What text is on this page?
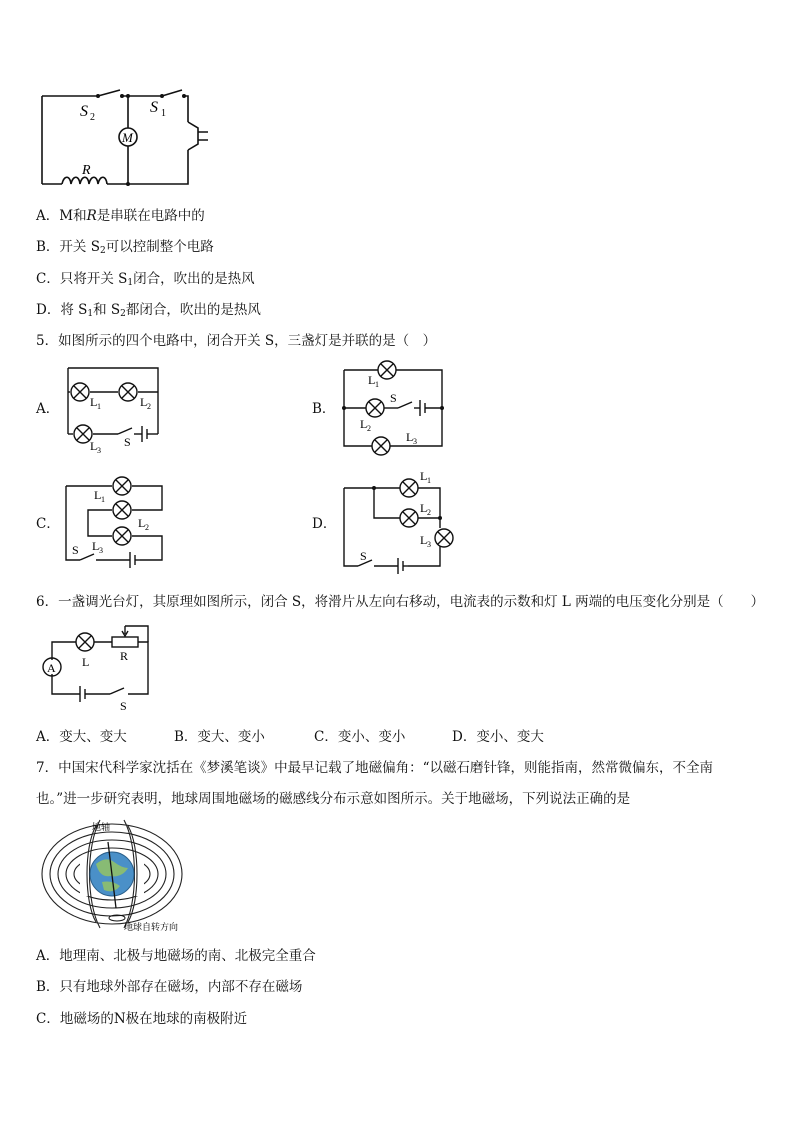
M
S 2
S 1
R
A．M和R是串联在电路中的
B．开关 $S_2$可以控制整个电路
C．只将开关 $S_1$闭合，吹出的是热风
D．将 $S_1$和 $S_2$都闭合，吹出的是热风
5．如图所示的四个电路中，闭合开关 S，三盏灯是并联的是（　）
A．	B．
C．	D．
L 1	L 2
L 3
S
L 1
L 2
L 3
S
L 1
L 2
L 3
S
L 1
L 2
L 3
S
6．一盏调光台灯，其原理如图所示，闭合 S，将滑片从左向右移动，电流表的示数和灯 L 两端的电压变化分别是（　　）
A L	R
S
A．变大、变大	B．变大、变小	C．变小、变小	D．变小、变大
7．中国宋代科学家沈括在《梦溪笔谈》中最早记载了地磁偏角：“以磁石磨针锋，则能指南，然常微偏东，不全南
也。”进一步研究表明，地球周围地磁场的磁感线分布示意如图所示。关于地磁场，下列说法正确的是
地轴
地球自转方向
A．地理南、北极与地磁场的南、北极完全重合
B．只有地球外部存在磁场，内部不存在磁场
C．地磁场的N极在地球的南极附近
